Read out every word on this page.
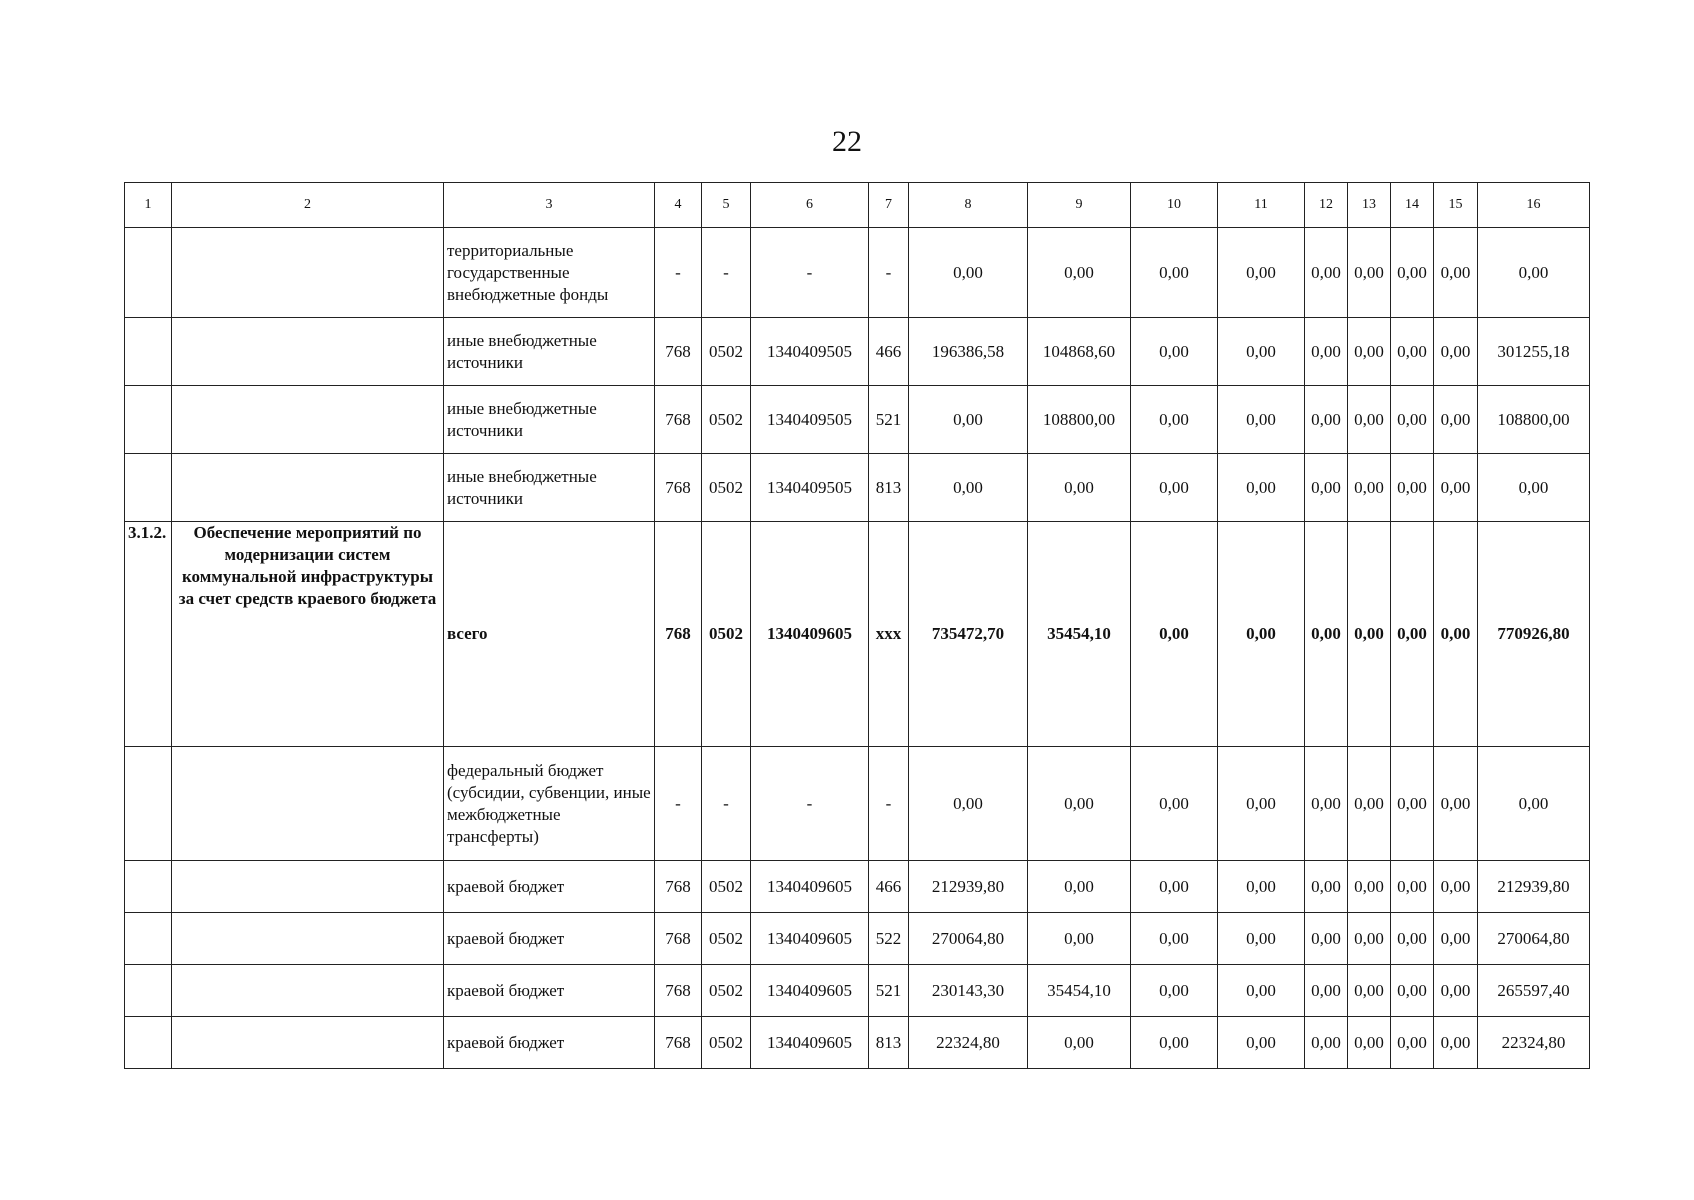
22
1	2	3	4	5	6	7	8	9	10	11	12	13	14	15	16
		территориальные государственные внебюджетные фонды	-	-	-	-	0,00	0,00	0,00	0,00	0,00	0,00	0,00	0,00	0,00
		иные внебюджетные источники	768	0502	1340409505	466	196386,58	104868,60	0,00	0,00	0,00	0,00	0,00	0,00	301255,18
		иные внебюджетные источники	768	0502	1340409505	521	0,00	108800,00	0,00	0,00	0,00	0,00	0,00	0,00	108800,00
		иные внебюджетные источники	768	0502	1340409505	813	0,00	0,00	0,00	0,00	0,00	0,00	0,00	0,00	0,00
3.1.2.	Обеспечение мероприятий по модернизации систем коммунальной инфраструктуры за счет средств краевого бюджета	всего	768	0502	1340409605	xxx	735472,70	35454,10	0,00	0,00	0,00	0,00	0,00	0,00	770926,80
		федеральный бюджет (субсидии, субвенции, иные межбюджетные трансферты)	-	-	-	-	0,00	0,00	0,00	0,00	0,00	0,00	0,00	0,00	0,00
		краевой бюджет	768	0502	1340409605	466	212939,80	0,00	0,00	0,00	0,00	0,00	0,00	0,00	212939,80
		краевой бюджет	768	0502	1340409605	522	270064,80	0,00	0,00	0,00	0,00	0,00	0,00	0,00	270064,80
		краевой бюджет	768	0502	1340409605	521	230143,30	35454,10	0,00	0,00	0,00	0,00	0,00	0,00	265597,40
		краевой бюджет	768	0502	1340409605	813	22324,80	0,00	0,00	0,00	0,00	0,00	0,00	0,00	22324,80
